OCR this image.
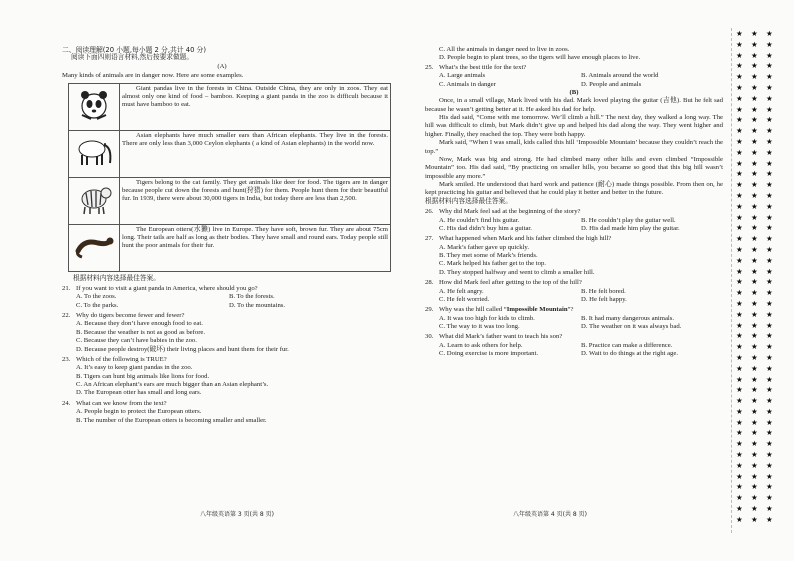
二、阅读理解(20 小题,每小题 2 分,共计 40 分)
阅读下面四则语言材料,然后按要求做题。
(A)
Many kinds of animals are in danger now. Here are some examples.
	Giant pandas live in the forests in China. Outside China, they are only in zoos. They eat almost only one kind of food – bamboo. Keeping a giant panda in the zoo is difficult because it must have bamboo to eat.
	Asian elephants have much smaller ears than African elephants. They live in the forests. There are only less than 3,000 Ceylon elephants ( a kind of Asian elephants) in the world now.
	Tigers belong to the cat family. They get animals like deer for food. The tigers are in danger because people cut down the forests and hunt(狩猎) for them. People hunt them for their beautiful fur. In 1939, there were about 30,000 tigers in India, but today there are less than 2,500.
	The European otters(水獭) live in Europe. They have soft, brown fur. They are about 75cm long. Their tails are half as long as their bodies. They have small and round ears. Today people still hunt the poor animals for their fur.
根据材料内容选择最佳答案。
21. If you want to visit a giant panda in America, where should you go?
A. To the zoos.	B. To the forests.
C. To the parks.	D. To the mountains.
22. Why do tigers become fewer and fewer?
A. Because they don’t have enough food to eat.
B. Because the weather is not as good as before.
C. Because they can’t have babies in the zoo.
D. Because people destroy(破坏) their living places and hunt them for their fur.
23. Which of the following is TRUE?
A. It’s easy to keep giant pandas in the zoo.
B. Tigers can hunt big animals like lions for food.
C. An African elephant’s ears are much bigger than an Asian elephant’s.
D. The European otter has small and long ears.
24. What can we know from the text?
A. People begin to protect the European otters.
B. The number of the European otters is becoming smaller and smaller.
C. All the animals in danger need to live in zoos.
D. People begin to plant trees, so the tigers will have enough places to live.
25. What’s the best title for the text?
A. Large animals	B. Animals around the world
C. Animals in danger	D. People and animals
(B)
Once, in a small village, Mark lived with his dad. Mark loved playing the guitar (吉他). But he felt sad because he wasn’t getting better at it. He asked his dad for help.
His dad said, “Come with me tomorrow. We’ll climb a hill.” The next day, they walked a long way. The hill was difficult to climb, but Mark didn’t give up and helped his dad along the way. They went higher and higher. Finally, they reached the top. They were both happy.
Mark said, “When I was small, kids called this hill ‘Impossible Mountain’ because they couldn’t reach the top.”
Now, Mark was big and strong. He had climbed many other hills and even climbed “Impossible Mountain” too. His dad said, “By practicing on smaller hills, you became so good that this big hill wasn’t impossible any more.”
Mark smiled. He understood that hard work and patience (耐心) made things possible. From then on, he kept practicing his guitar and believed that he could play it better and better in the future.
根据材料内容选择最佳答案。
26. Why did Mark feel sad at the beginning of the story?
A. He couldn’t find his guitar.	B. He couldn’t play the guitar well.
C. His dad didn’t buy him a guitar.	D. His dad made him play the guitar.
27. What happened when Mark and his father climbed the high hill?
A. Mark’s father gave up quickly.
B. They met some of Mark’s friends.
C. Mark helped his father get to the top.
D. They stopped halfway and went to climb a smaller hill.
28. How did Mark feel after getting to the top of the hill?
A. He felt angry.	B. He felt bored.
C. He felt worried.	D. He felt happy.
29. Why was the hill called “Impossible Mountain”?
A. It was too high for kids to climb.	B. It had many dangerous animals.
C. The way to it was too long.	D. The weather on it was always bad.
30. What did Mark’s father want to teach his son?
A. Learn to ask others for help.	B. Practice can make a difference.
C. Doing exercise is more important.	D. Wait to do things at the right age.
八年级英语第 3 页(共 8 页)	八年级英语第 4 页(共 8 页)
★	★	★
★	★	★
★	★	★
★	★	★
★	★	★
★	★	★
★	★	★
★	★	★
★	★	★
★	★	★
★	★	★
★	★	★
★	★	★
★	★	★
★	★	★
★	★	★
★	★	★
★	★	★
★	★	★
★	★	★
★	★	★
★	★	★
★	★	★
★	★	★
★	★	★
★	★	★
★	★	★
★	★	★
★	★	★
★	★	★
★	★	★
★	★	★
★	★	★
★	★	★
★	★	★
★	★	★
★	★	★
★	★	★
★	★	★
★	★	★
★	★	★
★	★	★
★	★	★
★	★	★
★	★	★
★	★	★
